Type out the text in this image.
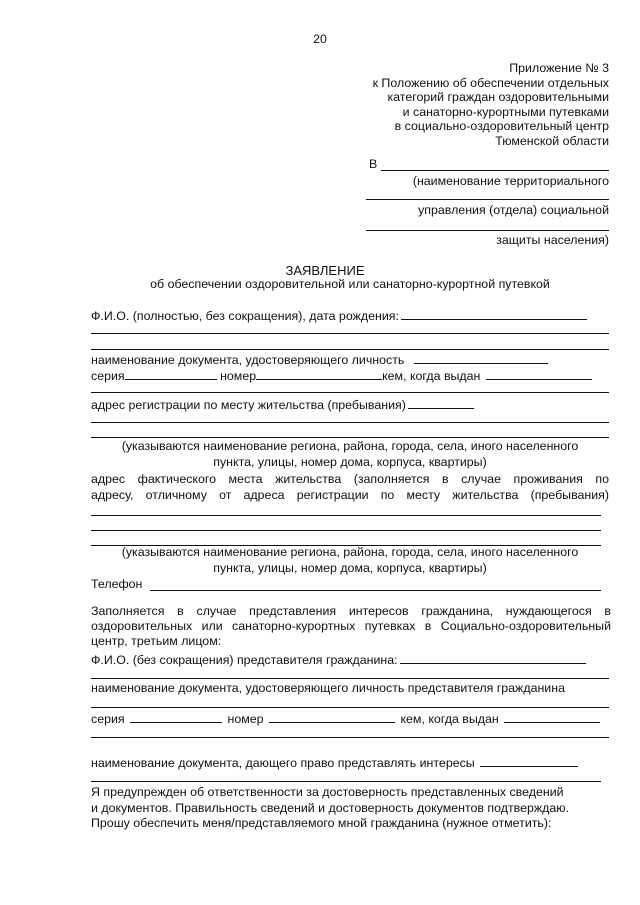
20
Приложение № 3
к Положению об обеспечении отдельных
категорий граждан оздоровительными
и санаторно-курортными путевками
в социально-оздоровительный центр
Тюменской области
В
(наименование территориального
управления (отдела) социальной
защиты населения)
ЗАЯВЛЕНИЕ
об обеспечении оздоровительной или санаторно-курортной путевкой
Ф.И.О. (полностью, без сокращения), дата рождения:
наименование документа, удостоверяющего личность
серия	номер	кем, когда выдан
адрес регистрации по месту жительства (пребывания)
(указываются наименование региона, района, города, села, иного населенного
пункта, улицы, номер дома, корпуса, квартиры)
адрес фактического места жительства (заполняется в случае проживания по
адресу, отличному от адреса регистрации по месту жительства (пребывания)
(указываются наименование региона, района, города, села, иного населенного
пункта, улицы, номер дома, корпуса, квартиры)
Телефон
Заполняется в случае представления интересов гражданина, нуждающегося в
оздоровительных или санаторно-курортных путевках в Социально-оздоровительный
центр, третьим лицом:
Ф.И.О. (без сокращения) представителя гражданина:
наименование документа, удостоверяющего личность представителя гражданина
серия	номер	кем, когда выдан
наименование документа, дающего право представлять интересы
Я предупрежден об ответственности за достоверность представленных сведений
и документов. Правильность сведений и достоверность документов подтверждаю.
Прошу обеспечить меня/представляемого мной гражданина (нужное отметить):
